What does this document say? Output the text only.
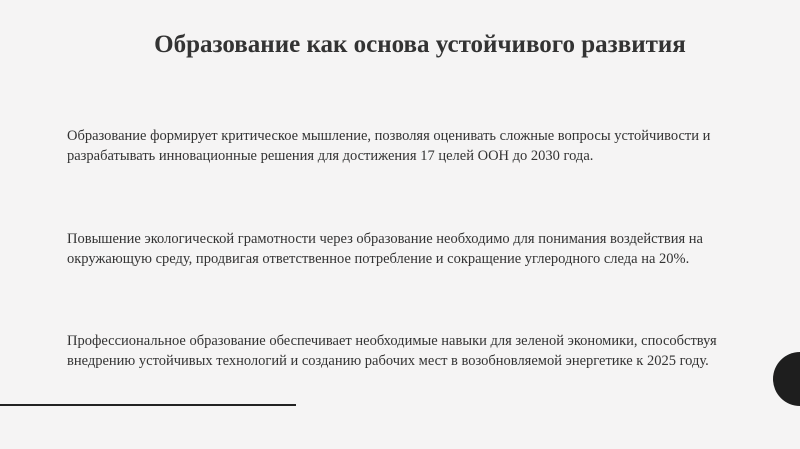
Образование как основа устойчивого развития
Образование формирует критическое мышление, позволяя оценивать сложные вопросы устойчивости и разрабатывать инновационные решения для достижения 17 целей ООН до 2030 года.
Повышение экологической грамотности через образование необходимо для понимания воздействия на окружающую среду, продвигая ответственное потребление и сокращение углеродного следа на 20%.
Профессиональное образование обеспечивает необходимые навыки для зеленой экономики, способствуя внедрению устойчивых технологий и созданию рабочих мест в возобновляемой энергетике к 2025 году.
